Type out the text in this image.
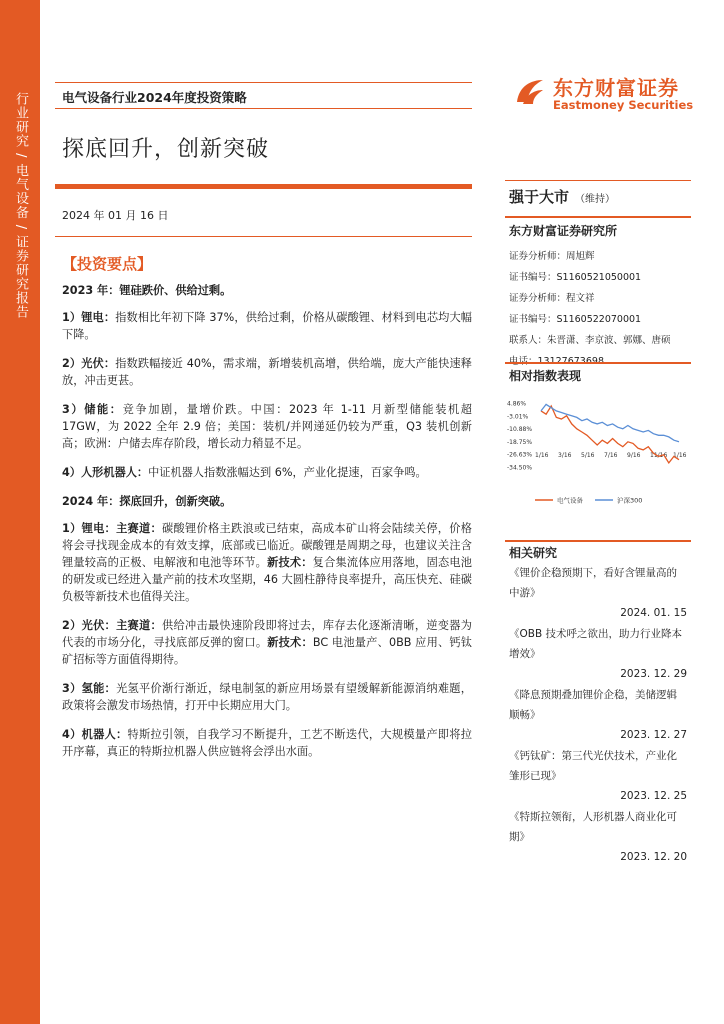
行业研究 / 电气设备 / 证券研究报告	电气设备行业2024年度投资策略	东方财富证券
Eastmoney Securities
探底回升，创新突破
2024 年 01 月 16 日
【投资要点】

2023 年：锂硅跌价、供给过剩。

1）锂电：指数相比年初下降 37%，供给过剩，价格从碳酸锂、材料到电芯均大幅下降。

2）光伏：指数跌幅接近 40%，需求端，新增装机高增，供给端，庞大产能快速释放，冲击更甚。

3）储能：竞争加剧，量增价跌。中国：2023 年 1-11 月新型储能装机超 17GW，为 2022 全年 2.9 倍；美国：装机/并网递延仍较为严重，Q3 装机创新高；欧洲：户储去库存阶段，增长动力稍显不足。

4）人形机器人：中证机器人指数涨幅达到 6%，产业化提速，百家争鸣。

2024 年：探底回升，创新突破。

1）锂电：主赛道：碳酸锂价格主跌浪或已结束，高成本矿山将会陆续关停，价格将会寻找现金成本的有效支撑，底部或已临近。碳酸锂是周期之母，也建议关注含锂量较高的正极、电解液和电池等环节。新技术：复合集流体应用落地，固态电池的研发或已经进入量产前的技术攻坚期，46 大圆柱静待良率提升，高压快充、硅碳负极等新技术也值得关注。

2）光伏：主赛道：供给冲击最快速阶段即将过去，库存去化逐渐清晰，逆变器为代表的市场分化，寻找底部反弹的窗口。新技术：BC 电池量产、0BB 应用、钙钛矿招标等方面值得期待。

3）氢能：光氢平价渐行渐近，绿电制氢的新应用场景有望缓解新能源消纳难题，政策将会激发市场热情，打开中长期应用大门。

4）机器人：特斯拉引领，自我学习不断提升，工艺不断迭代，大规模量产即将拉开序幕，真正的特斯拉机器人供应链将会浮出水面。

强于大市 （维持）
东方财富证券研究所
证券分析师：周旭辉
证书编号：S1160521050001
证券分析师：程文祥
证书编号：S1160522070001
联系人：朱晋潇、李京波、郭娜、唐硕
相对指数表现
4.86%
-3.01%
-10.88%
-18.75%
-26.63%
-34.50%
1/16 3/16 5/16 7/16 9/16 11/16 1/16
电气设备	沪深300
相关研究

《锂价企稳预期下，看好含锂量高的中游》

2024. 01. 15

《OBB 技术呼之欲出，助力行业降本增效》

2023. 12. 29

《降息预期叠加锂价企稳，美储逻辑顺畅》

2023. 12. 27

《钙钛矿：第三代光伏技术，产业化雏形已现》

2023. 12. 25

《特斯拉领衔，人形机器人商业化可期》

2023. 12. 20
